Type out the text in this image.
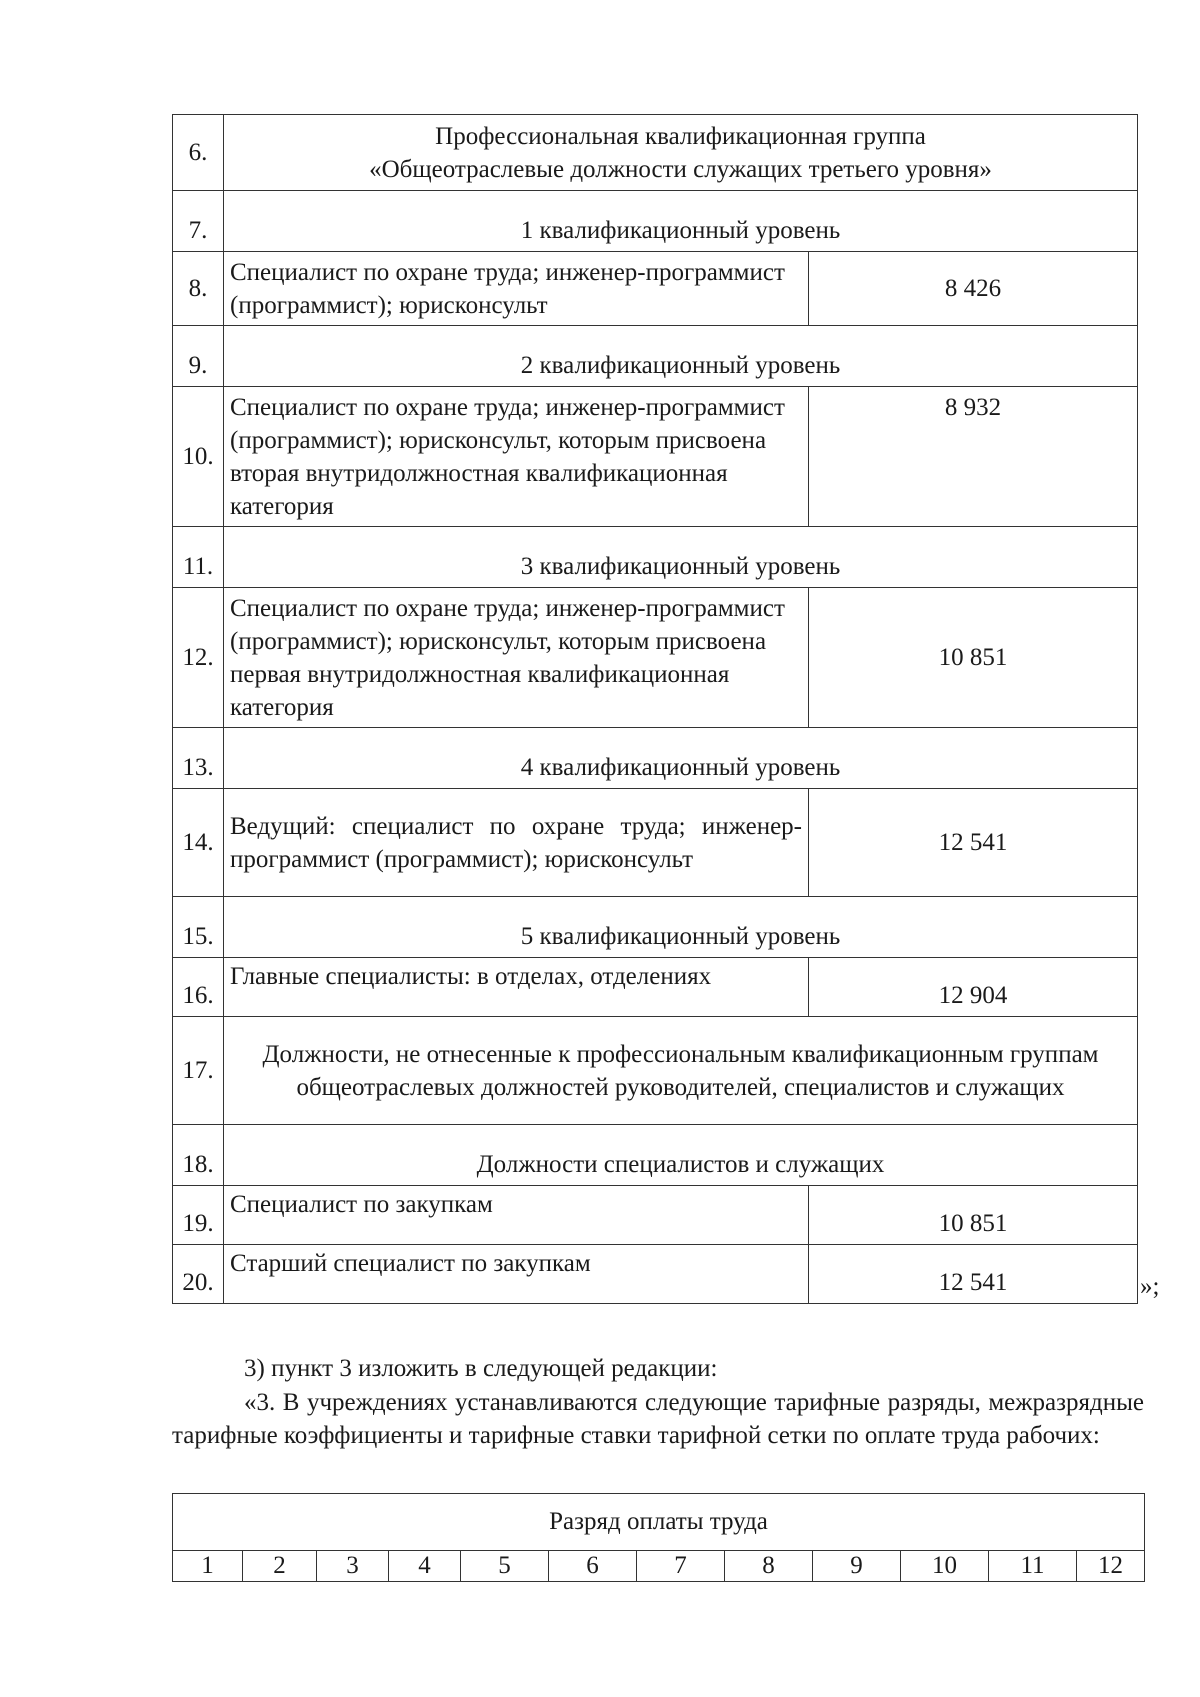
6.	Профессиональная квалификационная группа
«Общеотраслевые должности служащих третьего уровня»	

7.	1 квалификационный уровень	
8.	Специалист по охране труда; инженер-программист (программист); юрисконсульт	8 426
9.	2 квалификационный уровень	
10.	Специалист по охране труда; инженер-программист (программист); юрисконсульт, которым присвоена вторая внутридолжностная квалификационная категория	8 932
11.	3 квалификационный уровень	
12.	Специалист по охране труда; инженер-программист (программист); юрисконсульт, которым присвоена первая внутридолжностная квалификационная категория	10 851
13.	4 квалификационный уровень	
14.	Ведущий: специалист по охране труда; инженер-программист (программист); юрисконсульт	12 541
15.	5 квалификационный уровень	
16.	Главные специалисты: в отделах, отделениях	12 904
17.	Должности, не отнесенные к профессиональным квалификационным группам общеотраслевых должностей руководителей, специалистов и служащих	
18.	Должности специалистов и служащих	
19.	Специалист по закупкам	10 851
20.	Старший специалист по закупкам	12 541	»;
3) пункт 3 изложить в следующей редакции:
«3. В учреждениях устанавливаются следующие тарифные разряды, межразрядные тарифные коэффициенты и тарифные ставки тарифной сетки по оплате труда рабочих:
Разряд оплаты труда
1	2	3	4	5	6	7	8	9	10	11	12
